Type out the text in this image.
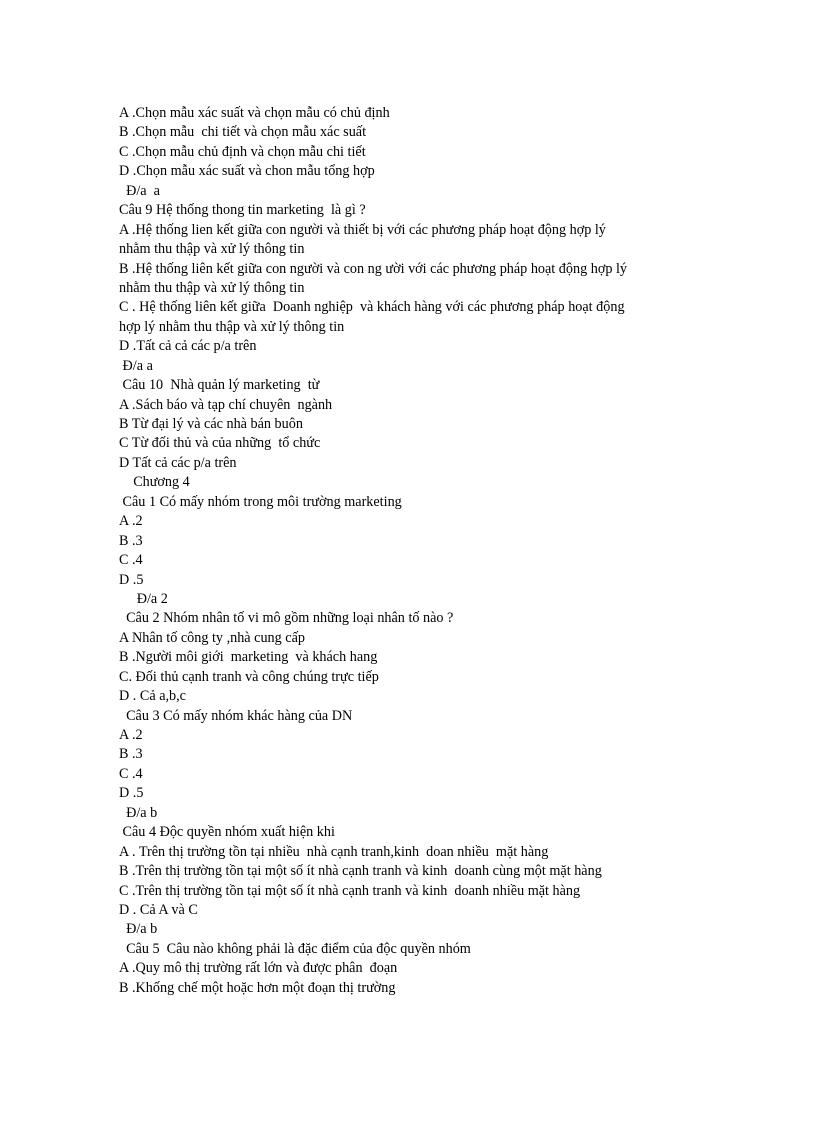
A .Chọn mẫu xác suất và chọn mẫu có chủ định
B .Chọn mẫu  chi tiết và chọn mẫu xác suất
C .Chọn mẫu chủ định và chọn mẫu chi tiết
D .Chọn mẫu xác suất và chon mẫu tổng hợp
Đ/a  a
Câu 9 Hệ thống thong tin marketing  là gì ?
A .Hệ thống lien kết giữa con người và thiết bị với các phương pháp hoạt động hợp lý
nhằm thu thập và xử lý thông tin
B .Hệ thống liên kết giữa con người và con ng ười với các phương pháp hoạt động hợp lý
nhằm thu thập và xử lý thông tin
C . Hệ thống liên kết giữa  Doanh nghiệp  và khách hàng với các phương pháp hoạt động
hợp lý nhằm thu thập và xử lý thông tin
D .Tất cả cả các p/a trên
Đ/a a
Câu 10  Nhà quản lý marketing  từ
A .Sách báo và tạp chí chuyên  ngành
B Từ đại lý và các nhà bán buôn
C Từ đối thủ và của những  tổ chức
D Tất cả các p/a trên
Chương 4
Câu 1 Có mấy nhóm trong môi trường marketing
A .2
B .3
C .4
D .5
Đ/a 2
Câu 2 Nhóm nhân tố vi mô gồm những loại nhân tố nào ?
A Nhân tố công ty ,nhà cung cấp
B .Người môi giới  marketing  và khách hang
C. Đối thủ cạnh tranh và công chúng trực tiếp
D . Cả a,b,c
Câu 3 Có mấy nhóm khác hàng của DN
A .2
B .3
C .4
D .5
Đ/a b
Câu 4 Độc quyền nhóm xuất hiện khi
A . Trên thị trường tồn tại nhiều  nhà cạnh tranh,kinh  doan nhiều  mặt hàng
B .Trên thị trường tồn tại một số ít nhà cạnh tranh và kinh  doanh cùng một mặt hàng
C .Trên thị trường tồn tại một số ít nhà cạnh tranh và kinh  doanh nhiều mặt hàng
D . Cả A và C
Đ/a b
Câu 5  Câu nào không phải là đặc điểm của độc quyền nhóm
A .Quy mô thị trường rất lớn và được phân  đoạn
B .Khống chế một hoặc hơn một đoạn thị trường
